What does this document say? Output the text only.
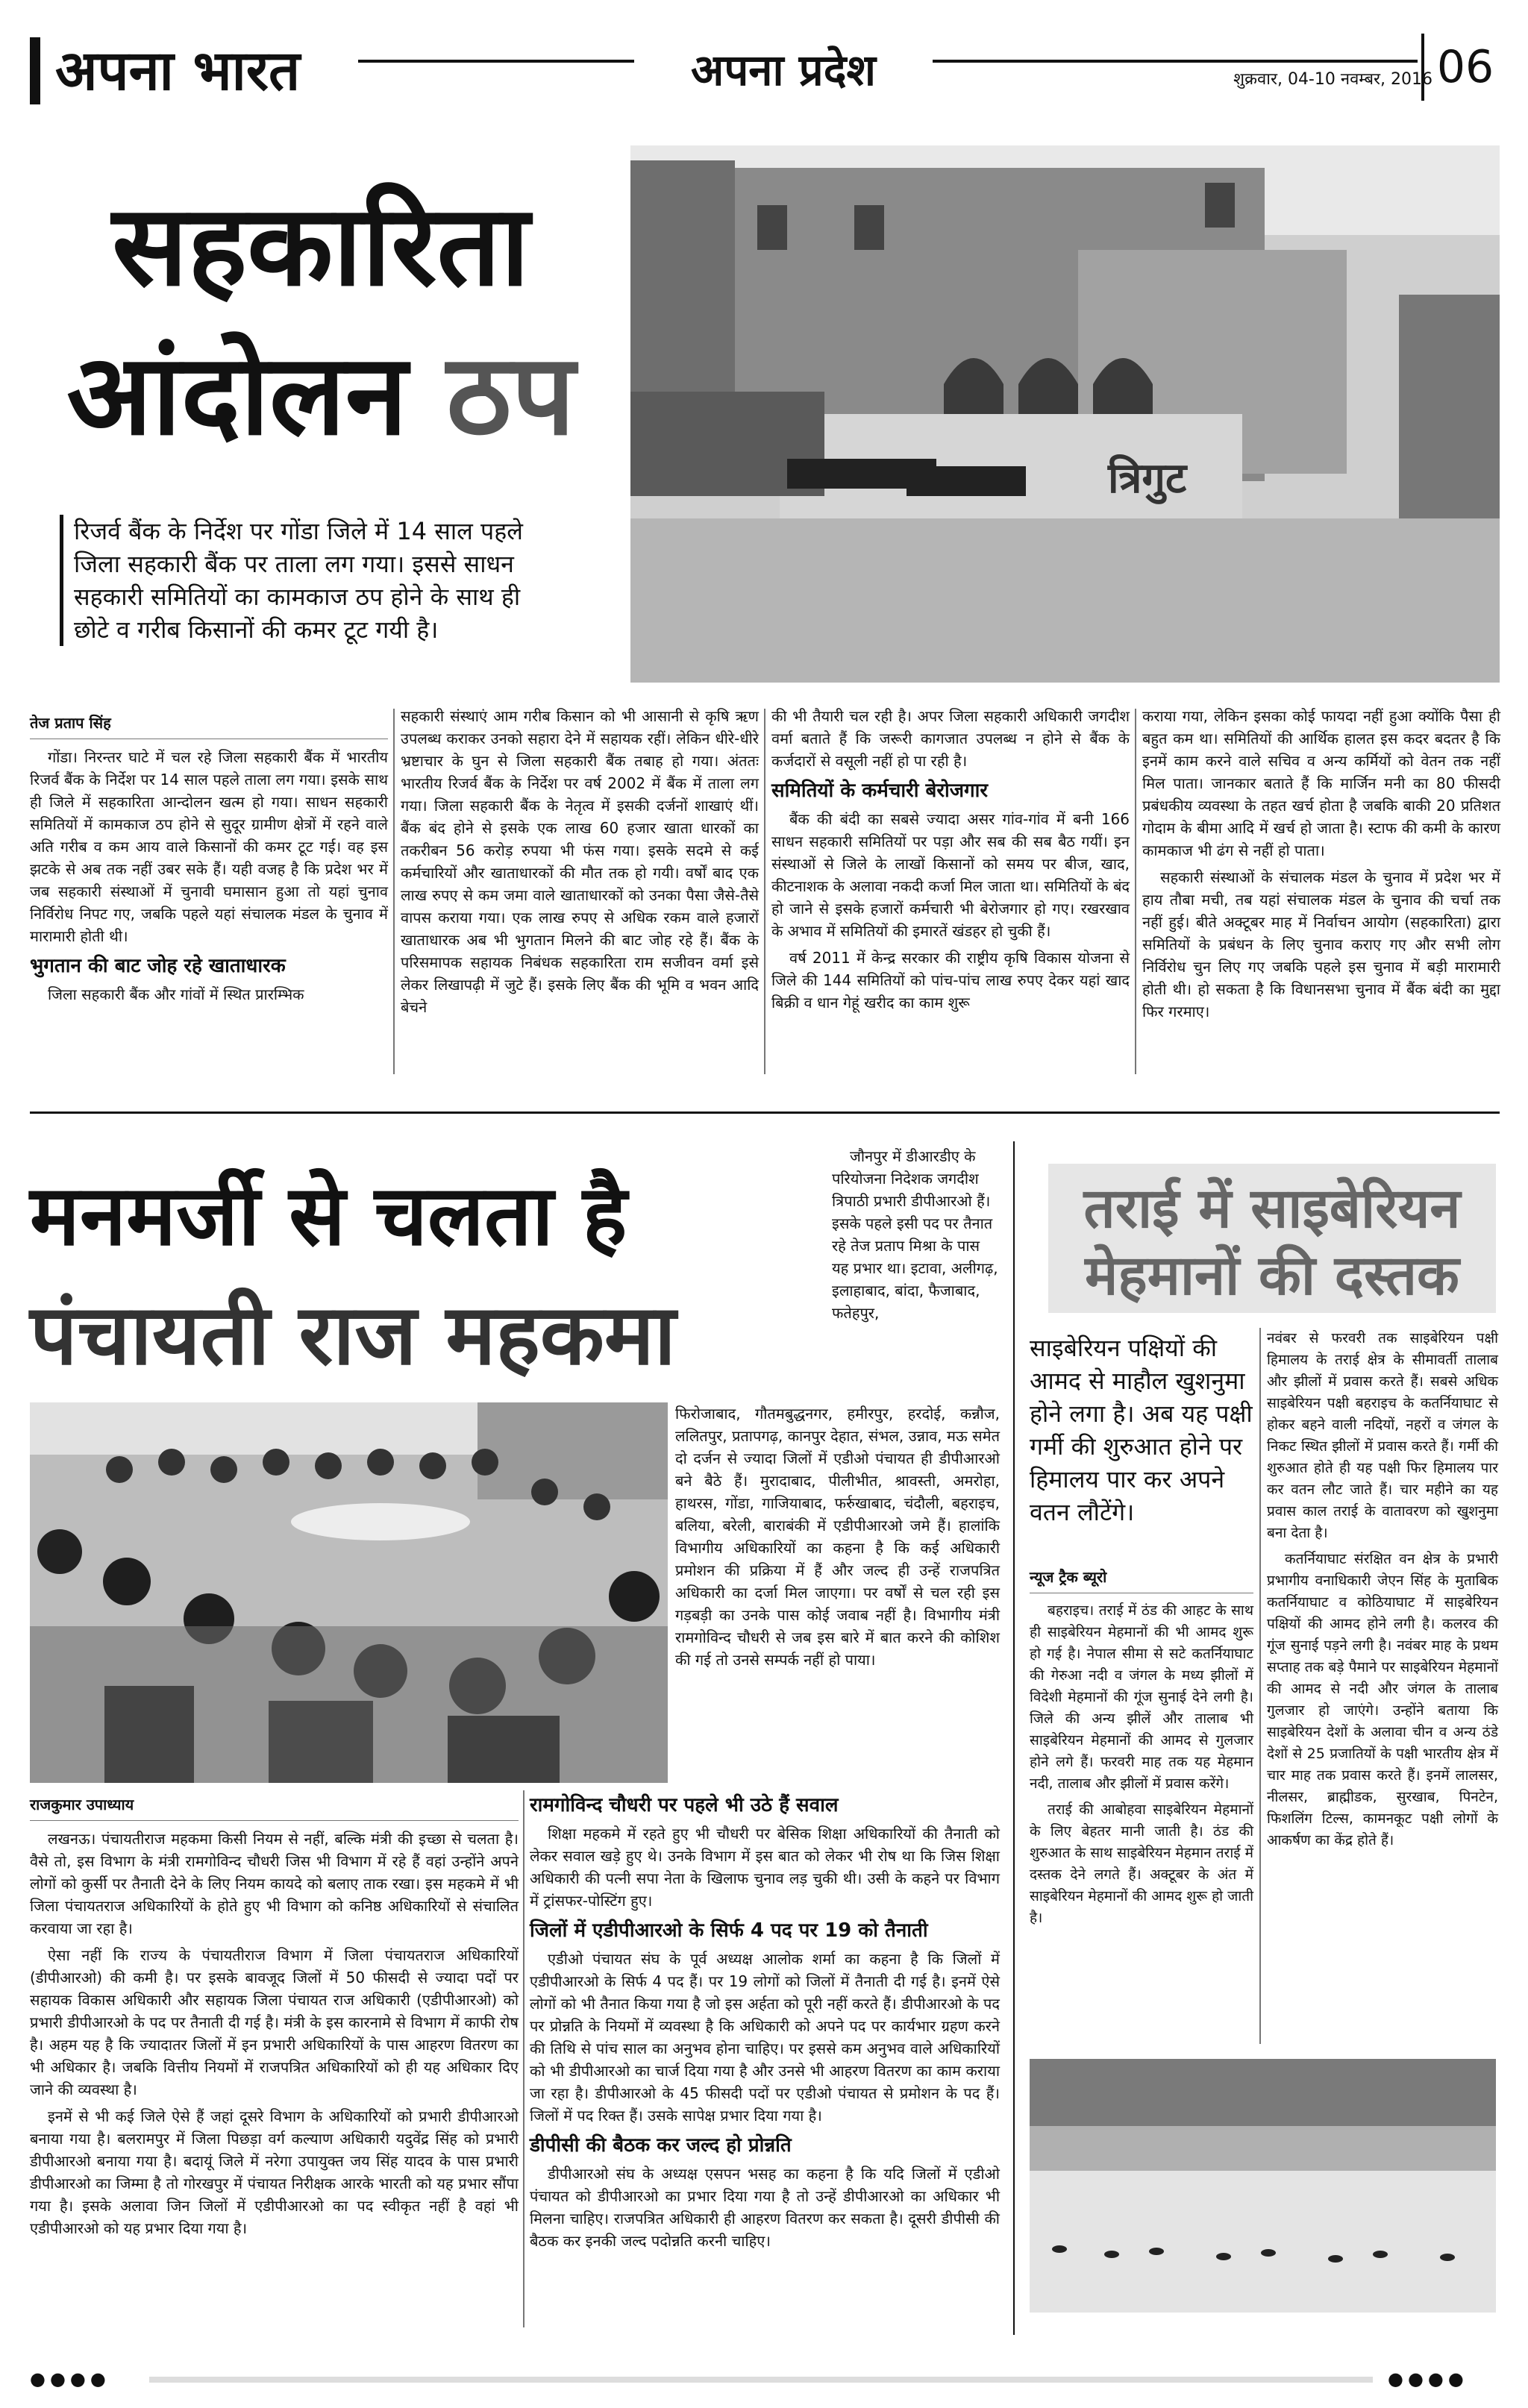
अपना भारत	अपना प्रदेश	शुक्रवार, 04-10 नवम्बर, 2016 06
सहकारिता
आंदोलन ठप
रिजर्व बैंक के निर्देश पर गोंडा जिले में 14 साल पहले जिला सहकारी बैंक पर ताला लग गया। इससे साधन सहकारी समितियों का कामकाज ठप होने के साथ ही छोटे व गरीब किसानों की कमर टूट गयी है।
त्रिगुट
तेज प्रताप सिंह

गोंडा। निरन्तर घाटे में चल रहे जिला सहकारी बैंक में भारतीय रिजर्व बैंक के निर्देश पर 14 साल पहले ताला लग गया। इसके साथ ही जिले में सहकारिता आन्दोलन खत्म हो गया। साधन सहकारी समितियों में कामकाज ठप होने से सुदूर ग्रामीण क्षेत्रों में रहने वाले अति गरीब व कम आय वाले किसानों की कमर टूट गई। वह इस झटके से अब तक नहीं उबर सके हैं। यही वजह है कि प्रदेश भर में जब सहकारी संस्थाओं में चुनावी घमासान हुआ तो यहां चुनाव निर्विरोध निपट गए, जबकि पहले यहां संचालक मंडल के चुनाव में मारामारी होती थी।

भुगतान की बाट जोह रहे खाताधारक

जिला सहकारी बैंक और गांवों में स्थित प्रारम्भिक

सहकारी संस्थाएं आम गरीब किसान को भी आसानी से कृषि ऋण उपलब्ध कराकर उनको सहारा देने में सहायक रहीं। लेकिन धीरे-धीरे भ्रष्टाचार के घुन से जिला सहकारी बैंक तबाह हो गया। अंततः भारतीय रिजर्व बैंक के निर्देश पर वर्ष 2002 में बैंक में ताला लग गया। जिला सहकारी बैंक के नेतृत्व में इसकी दर्जनों शाखाएं थीं। बैंक बंद होने से इसके एक लाख 60 हजार खाता धारकों का तकरीबन 56 करोड़ रुपया भी फंस गया। इसके सदमे से कई कर्मचारियों और खाताधारकों की मौत तक हो गयी। वर्षों बाद एक लाख रुपए से कम जमा वाले खाताधारकों को उनका पैसा जैसे-तैसे वापस कराया गया। एक लाख रुपए से अधिक रकम वाले हजारों खाताधारक अब भी भुगतान मिलने की बाट जोह रहे हैं। बैंक के परिसमापक सहायक निबंधक सहकारिता राम सजीवन वर्मा इसे लेकर लिखापढ़ी में जुटे हैं। इसके लिए बैंक की भूमि व भवन आदि बेचने

की भी तैयारी चल रही है। अपर जिला सहकारी अधिकारी जगदीश वर्मा बताते हैं कि जरूरी कागजात उपलब्ध न होने से बैंक के कर्जदारों से वसूली नहीं हो पा रही है।

समितियों के कर्मचारी बेरोजगार

बैंक की बंदी का सबसे ज्यादा असर गांव-गांव में बनी 166 साधन सहकारी समितियों पर पड़ा और सब की सब बैठ गयीं। इन संस्थाओं से जिले के लाखों किसानों को समय पर बीज, खाद, कीटनाशक के अलावा नकदी कर्जा मिल जाता था। समितियों के बंद हो जाने से इसके हजारों कर्मचारी भी बेरोजगार हो गए। रखरखाव के अभाव में समितियों की इमारतें खंडहर हो चुकी हैं।

वर्ष 2011 में केन्द्र सरकार की राष्ट्रीय कृषि विकास योजना से जिले की 144 समितियों को पांच-पांच लाख रुपए देकर यहां खाद बिक्री व धान गेहूं खरीद का काम शुरू

कराया गया, लेकिन इसका कोई फायदा नहीं हुआ क्योंकि पैसा ही बहुत कम था। समितियों की आर्थिक हालत इस कदर बदतर है कि इनमें काम करने वाले सचिव व अन्य कर्मियों को वेतन तक नहीं मिल पाता। जानकार बताते हैं कि मार्जिन मनी का 80 फीसदी प्रबंधकीय व्यवस्था के तहत खर्च होता है जबकि बाकी 20 प्रतिशत गोदाम के बीमा आदि में खर्च हो जाता है। स्टाफ की कमी के कारण कामकाज भी ढंग से नहीं हो पाता।

सहकारी संस्थाओं के संचालक मंडल के चुनाव में प्रदेश भर में हाय तौबा मची, तब यहां संचालक मंडल के चुनाव की चर्चा तक नहीं हुई। बीते अक्टूबर माह में निर्वाचन आयोग (सहकारिता) द्वारा समितियों के प्रबंधन के लिए चुनाव कराए गए और सभी लोग निर्विरोध चुन लिए गए जबकि पहले इस चुनाव में बड़ी मारामारी होती थी। हो सकता है कि विधानसभा चुनाव में बैंक बंदी का मुद्दा फिर गरमाए।

मनमर्जी से चलता है
पंचायती राज महकमा

जौनपुर में डीआरडीए के परियोजना निदेशक जगदीश त्रिपाठी प्रभारी डीपीआरओ हैं। इसके पहले इसी पद पर तैनात रहे तेज प्रताप मिश्रा के पास यह प्रभार था। इटावा, अलीगढ़, इलाहाबाद, बांदा, फैजाबाद, फतेहपुर,

राजकुमार उपाध्याय

फिरोजाबाद, गौतमबुद्धनगर, हमीरपुर, हरदोई, कन्नौज, ललितपुर, प्रतापगढ़, कानपुर देहात, संभल, उन्नाव, मऊ समेत दो दर्जन से ज्यादा जिलों में एडीओ पंचायत ही डीपीआरओ बने बैठे हैं। मुरादाबाद, पीलीभीत, श्रावस्ती, अमरोहा, हाथरस, गोंडा, गाजियाबाद, फर्रुखाबाद, चंदौली, बहराइच, बलिया, बरेली, बाराबंकी में एडीपीआरओ जमे हैं। हालांकि विभागीय अधिकारियों का कहना है कि कई अधिकारी प्रमोशन की प्रक्रिया में हैं और जल्द ही उन्हें राजपत्रित अधिकारी का दर्जा मिल जाएगा। पर वर्षों से चल रही इस गड़बड़ी का उनके पास कोई जवाब नहीं है। विभागीय मंत्री रामगोविन्द चौधरी से जब इस बारे में बात करने की कोशिश की गई तो उनसे सम्पर्क नहीं हो पाया।

लखनऊ। पंचायतीराज महकमा किसी नियम से नहीं, बल्कि मंत्री की इच्छा से चलता है। वैसे तो, इस विभाग के मंत्री रामगोविन्द चौधरी जिस भी विभाग में रहे हैं वहां उन्होंने अपने लोगों को कुर्सी पर तैनाती देने के लिए नियम कायदे को बलाए ताक रखा। इस महकमे में भी जिला पंचायतराज अधिकारियों के होते हुए भी विभाग को कनिष्ठ अधिकारियों से संचालित करवाया जा रहा है।

ऐसा नहीं कि राज्य के पंचायतीराज विभाग में जिला पंचायतराज अधिकारियों (डीपीआरओ) की कमी है। पर इसके बावजूद जिलों में 50 फीसदी से ज्यादा पदों पर सहायक विकास अधिकारी और सहायक जिला पंचायत राज अधिकारी (एडीपीआरओ) को प्रभारी डीपीआरओ के पद पर तैनाती दी गई है। मंत्री के इस कारनामे से विभाग में काफी रोष है। अहम यह है कि ज्यादातर जिलों में इन प्रभारी अधिकारियों के पास आहरण वितरण का भी अधिकार है। जबकि वित्तीय नियमों में राजपत्रित अधिकारियों को ही यह अधिकार दिए जाने की व्यवस्था है।

इनमें से भी कई जिले ऐसे हैं जहां दूसरे विभाग के अधिकारियों को प्रभारी डीपीआरओ बनाया गया है। बलरामपुर में जिला पिछड़ा वर्ग कल्याण अधिकारी यदुवेंद्र सिंह को प्रभारी डीपीआरओ बनाया गया है। बदायूं जिले में नरेगा उपायुक्त जय सिंह यादव के पास प्रभारी डीपीआरओ का जिम्मा है तो गोरखपुर में पंचायत निरीक्षक आरके भारती को यह प्रभार सौंपा गया है। इसके अलावा जिन जिलों में एडीपीआरओ का पद स्वीकृत नहीं है वहां भी एडीपीआरओ को यह प्रभार दिया गया है।

रामगोविन्द चौधरी पर पहले भी उठे हैं सवाल

शिक्षा महकमे में रहते हुए भी चौधरी पर बेसिक शिक्षा अधिकारियों की तैनाती को लेकर सवाल खड़े हुए थे। उनके विभाग में इस बात को लेकर भी रोष था कि जिस शिक्षा अधिकारी की पत्नी सपा नेता के खिलाफ चुनाव लड़ चुकी थी। उसी के कहने पर विभाग में ट्रांसफर-पोस्टिंग हुए।

जिलों में एडीपीआरओ के सिर्फ 4 पद पर 19 को तैनाती

एडीओ पंचायत संघ के पूर्व अध्यक्ष आलोक शर्मा का कहना है कि जिलों में एडीपीआरओ के सिर्फ 4 पद हैं। पर 19 लोगों को जिलों में तैनाती दी गई है। इनमें ऐसे लोगों को भी तैनात किया गया है जो इस अर्हता को पूरी नहीं करते हैं। डीपीआरओ के पद पर प्रोन्नति के नियमों में व्यवस्था है कि अधिकारी को अपने पद पर कार्यभार ग्रहण करने की तिथि से पांच साल का अनुभव होना चाहिए। पर इससे कम अनुभव वाले अधिकारियों को भी डीपीआरओ का चार्ज दिया गया है और उनसे भी आहरण वितरण का काम कराया जा रहा है। डीपीआरओ के 45 फीसदी पदों पर एडीओ पंचायत से प्रमोशन के पद हैं। जिलों में पद रिक्त हैं। उसके सापेक्ष प्रभार दिया गया है।

डीपीसी की बैठक कर जल्द हो प्रोन्नति

डीपीआरओ संघ के अध्यक्ष एसपन भसह का कहना है कि यदि जिलों में एडीओ पंचायत को डीपीआरओ का प्रभार दिया गया है तो उन्हें डीपीआरओ का अधिकार भी मिलना चाहिए। राजपत्रित अधिकारी ही आहरण वितरण कर सकता है। दूसरी डीपीसी की बैठक कर इनकी जल्द पदोन्नति करनी चाहिए।

तराई में साइबेरियन
मेहमानों की दस्तक
साइबेरियन पक्षियों की आमद से माहौल खुशनुमा होने लगा है। अब यह पक्षी गर्मी की शुरुआत होने पर हिमालय पार कर अपने वतन लौटेंगे।
न्यूज ट्रैक ब्यूरो

बहराइच। तराई में ठंड की आहट के साथ ही साइबेरियन मेहमानों की भी आमद शुरू हो गई है। नेपाल सीमा से सटे कतर्नियाघाट की गेरुआ नदी व जंगल के मध्य झीलों में विदेशी मेहमानों की गूंज सुनाई देने लगी है। जिले की अन्य झीलें और तालाब भी साइबेरियन मेहमानों की आमद से गुलजार होने लगे हैं। फरवरी माह तक यह मेहमान नदी, तालाब और झीलों में प्रवास करेंगे।

तराई की आबोहवा साइबेरियन मेहमानों के लिए बेहतर मानी जाती है। ठंड की शुरुआत के साथ साइबेरियन मेहमान तराई में दस्तक देने लगते हैं। अक्टूबर के अंत में साइबेरियन मेहमानों की आमद शुरू हो जाती है।

नवंबर से फरवरी तक साइबेरियन पक्षी हिमालय के तराई क्षेत्र के सीमावर्ती तालाब और झीलों में प्रवास करते हैं। सबसे अधिक साइबेरियन पक्षी बहराइच के कतर्नियाघाट से होकर बहने वाली नदियों, नहरों व जंगल के निकट स्थित झीलों में प्रवास करते हैं। गर्मी की शुरुआत होते ही यह पक्षी फिर हिमालय पार कर वतन लौट जाते हैं। चार महीने का यह प्रवास काल तराई के वातावरण को खुशनुमा बना देता है।

कतर्नियाघाट संरक्षित वन क्षेत्र के प्रभारी प्रभागीय वनाधिकारी जेएन सिंह के मुताबिक कतर्नियाघाट व कोठियाघाट में साइबेरियन पक्षियों की आमद होने लगी है। कलरव की गूंज सुनाई पड़ने लगी है। नवंबर माह के प्रथम सप्ताह तक बड़े पैमाने पर साइबेरियन मेहमानों की आमद से नदी और जंगल के तालाब गुलजार हो जाएंगे। उन्होंने बताया कि साइबेरियन देशों के अलावा चीन व अन्य ठंडे देशों से 25 प्रजातियों के पक्षी भारतीय क्षेत्र में चार माह तक प्रवास करते हैं। इनमें लालसर, नीलसर, ब्राह्मीडक, सुरखाब, पिनटेन, फिशलिंग टिल्स, कामनकूट पक्षी लोगों के आकर्षण का केंद्र होते हैं।

●●●●	●●●●
